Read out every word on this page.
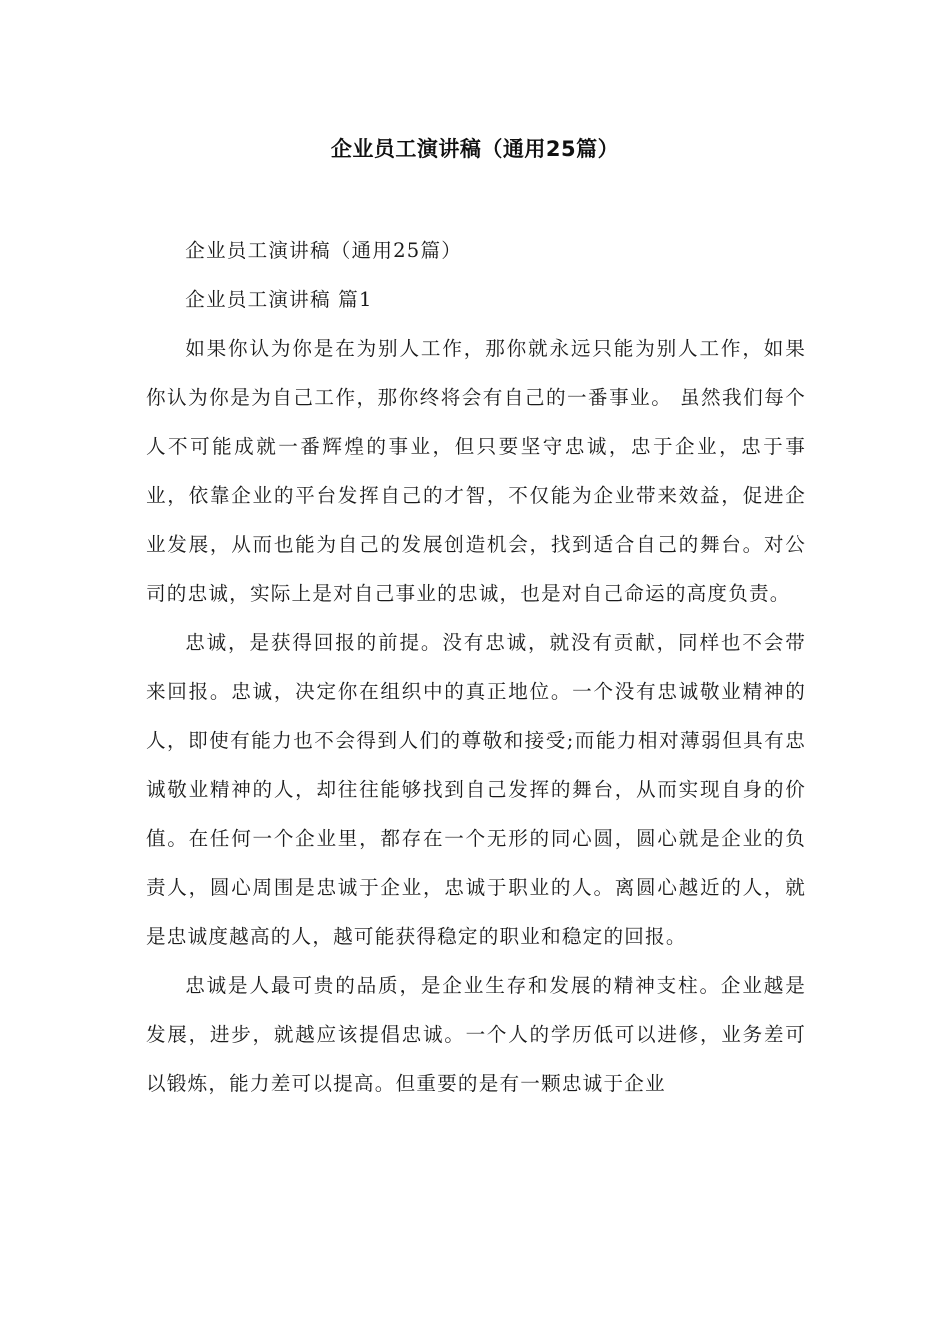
企业员工演讲稿（通用25篇）

企业员工演讲稿（通用25篇）

企业员工演讲稿 篇1

如果你认为你是在为别人工作，那你就永远只能为别人工作，如果你认为你是为自己工作，那你终将会有自己的一番事业。 虽然我们每个人不可能成就一番辉煌的事业，但只要坚守忠诚，忠于企业，忠于事业，依靠企业的平台发挥自己的才智，不仅能为企业带来效益，促进企业发展，从而也能为自己的发展创造机会，找到适合自己的舞台。对公司的忠诚，实际上是对自己事业的忠诚，也是对自己命运的高度负责。

忠诚，是获得回报的前提。没有忠诚，就没有贡献，同样也不会带来回报。忠诚，决定你在组织中的真正地位。一个没有忠诚敬业精神的人，即使有能力也不会得到人们的尊敬和接受;而能力相对薄弱但具有忠诚敬业精神的人，却往往能够找到自己发挥的舞台，从而实现自身的价值。在任何一个企业里，都存在一个无形的同心圆，圆心就是企业的负责人，圆心周围是忠诚于企业，忠诚于职业的人。离圆心越近的人，就是忠诚度越高的人，越可能获得稳定的职业和稳定的回报。

忠诚是人最可贵的品质，是企业生存和发展的精神支柱。企业越是发展，进步，就越应该提倡忠诚。一个人的学历低可以进修，业务差可以锻炼，能力差可以提高。但重要的是有一颗忠诚于企业
